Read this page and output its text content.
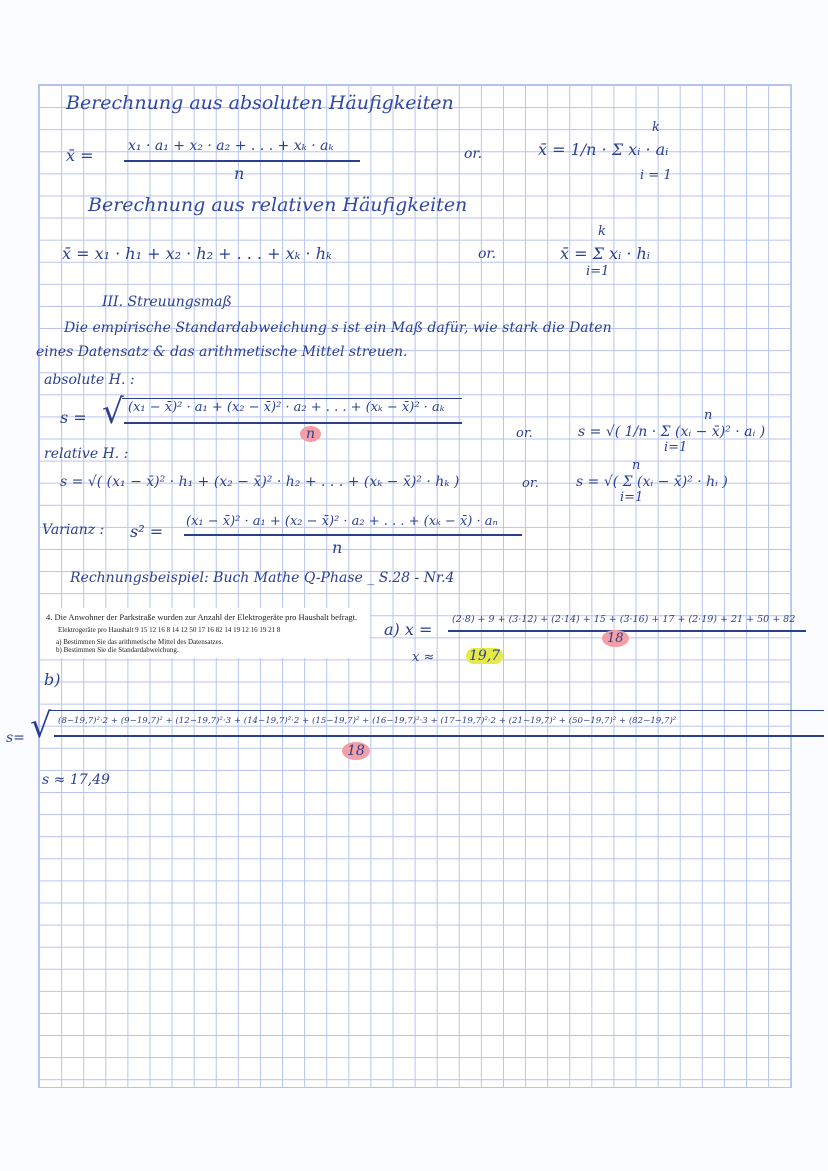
Berechnung aus absoluten Häufigkeiten
x̄ = x₁ · a₁ + x₂ · a₂ + . . . + xₖ · aₖ
n
or.
k
x̄ = 1/n · Σ xᵢ · aᵢ
i = 1
Berechnung aus relativen Häufigkeiten
x̄ = x₁ · h₁ + x₂ · h₂ + . . . + xₖ · hₖ	or.
k
x̄ = Σ xᵢ · hᵢ
i=1
III. Streuungsmaß
Die empirische Standardabweichung s ist ein Maß dafür, wie stark die Daten
eines Datensatz & das arithmetische Mittel streuen.
absolute H. :
s = √ (x₁ − x̄)² · a₁ + (x₂ − x̄)² · a₂ + . . . + (xₖ − x̄)² · aₖ
n	or.
n
s = √( 1/n · Σ (xᵢ − x̄)² · aᵢ )
i=1
relative H. :
s = √( (x₁ − x̄)² · h₁ + (x₂ − x̄)² · h₂ + . . . + (xₖ − x̄)² · hₖ )	or.
n
s = √( Σ (xᵢ − x̄)² · hᵢ )
i=1
Varianz : s² =
(x₁ − x̄)² · a₁ + (x₂ − x̄)² · a₂ + . . . + (xₖ − x̄) · aₙ
n
Rechnungsbeispiel: Buch Mathe Q-Phase _ S.28 - Nr.4
4. Die Anwohner der Parkstraße wurden zur Anzahl der Elektrogeräte pro Haushalt befragt.
Elektrogeräte pro Haushalt 9 15 12 16 8 14 12 50 17 16 82 14 19 12 16 19 21 8
a) Bestimmen Sie das arithmetische Mittel des Datensatzes.
b) Bestimmen Sie die Standardabweichung.
a) x =
(2·8) + 9 + (3·12) + (2·14) + 15 + (3·16) + 17 + (2·19) + 21 + 50 + 82
18
x ≈ 19,7
b)
s= √ (8−19,7)²·2 + (9−19,7)² + (12−19,7)²·3 + (14−19,7)²·2 + (15−19,7)² + (16−19,7)²·3 + (17−19,7)²·2 + (21−19,7)² + (50−19,7)² + (82−19,7)²
18
s ≈ 17,49
